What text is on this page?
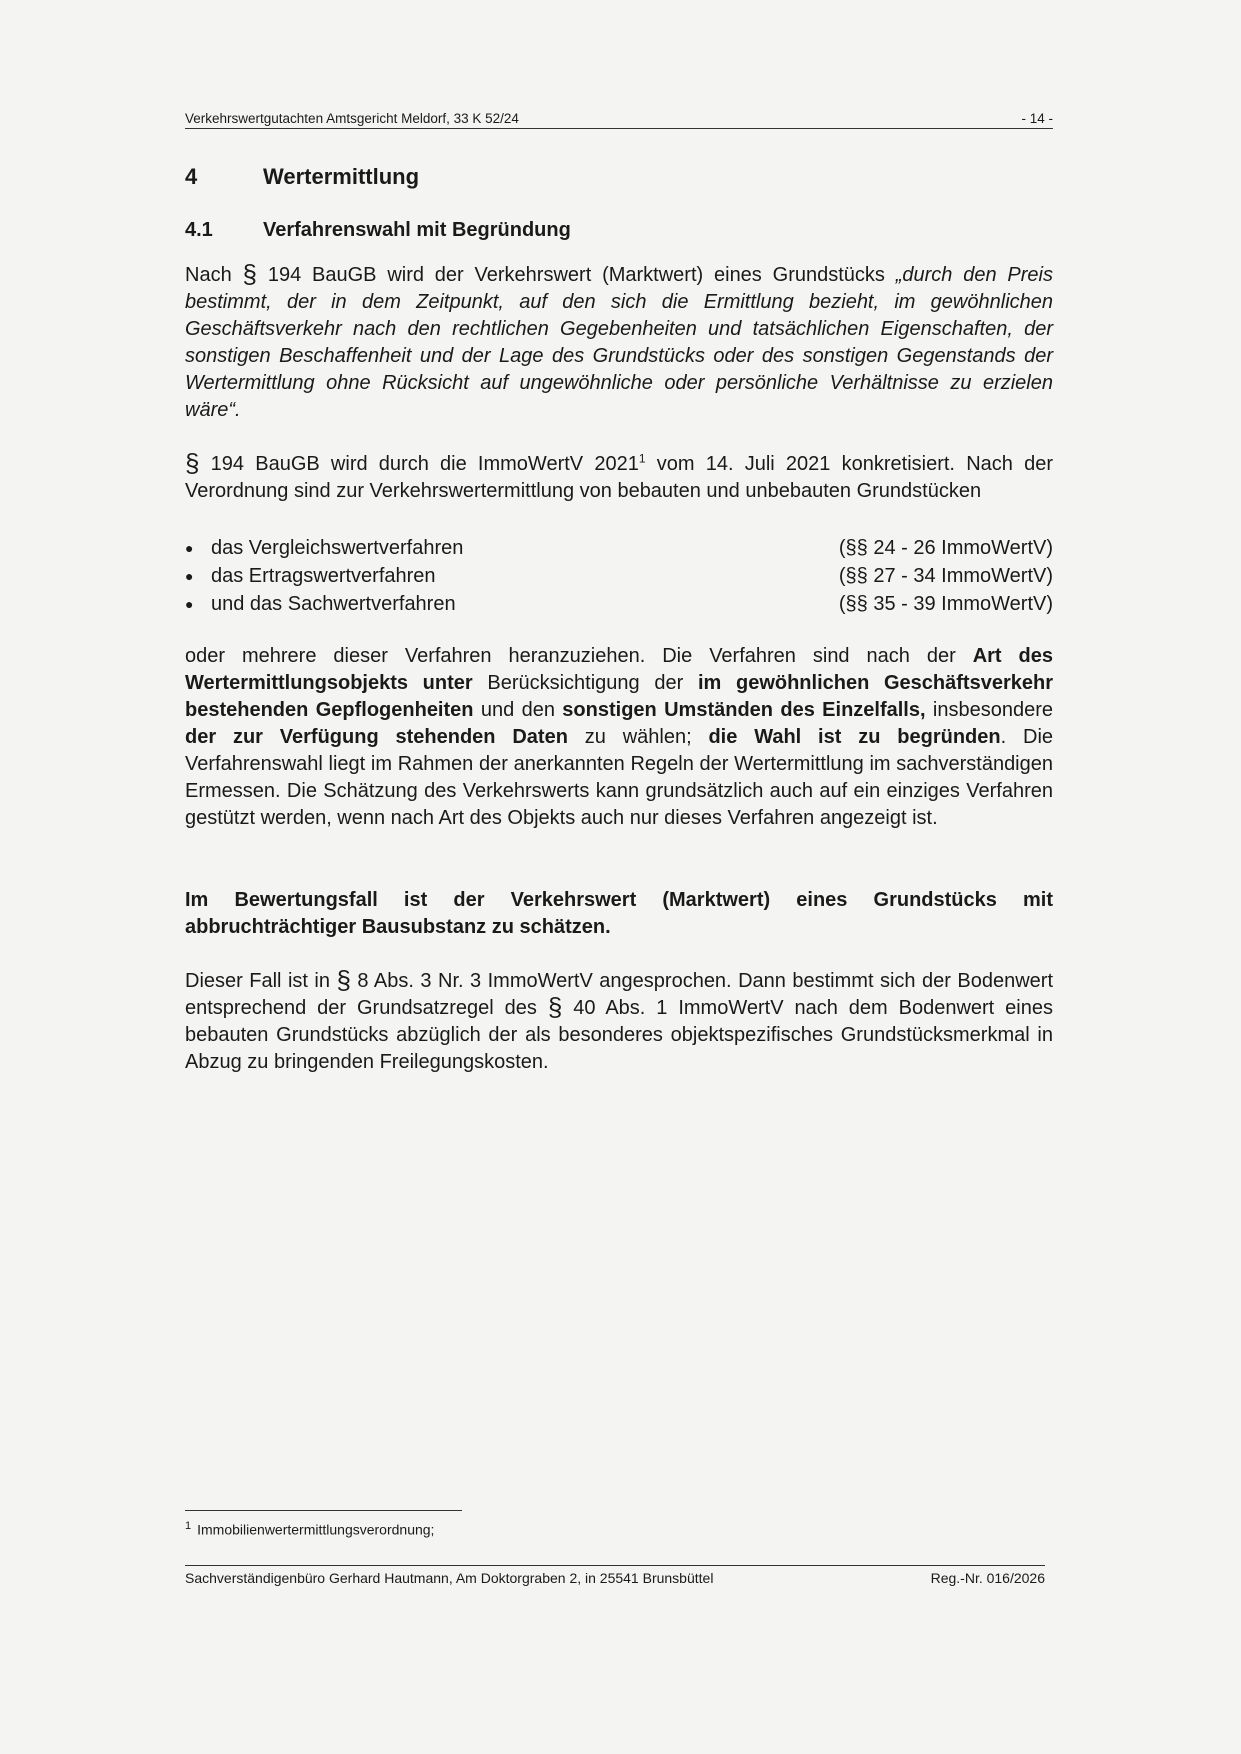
Verkehrswertgutachten Amtsgericht Meldorf, 33 K 52/24	- 14 -
4	Wertermittlung
4.1	Verfahrenswahl mit Begründung
Nach § 194 BauGB wird der Verkehrswert (Marktwert) eines Grundstücks „durch den Preis bestimmt, der in dem Zeitpunkt, auf den sich die Ermittlung bezieht, im gewöhnlichen Geschäftsverkehr nach den rechtlichen Gegebenheiten und tatsächlichen Eigenschaften, der sonstigen Beschaffenheit und der Lage des Grundstücks oder des sonstigen Gegenstands der Wertermittlung ohne Rücksicht auf ungewöhnliche oder persönliche Verhältnisse zu erzielen wäre“.
§ 194 BauGB wird durch die ImmoWertV 2021$^1$ vom 14. Juli 2021 konkretisiert. Nach der Verordnung sind zur Verkehrswertermittlung von bebauten und unbebauten Grundstücken
● das Vergleichswertverfahren	(§§ 24 - 26 ImmoWertV)
● das Ertragswertverfahren	(§§ 27 - 34 ImmoWertV)
● und das Sachwertverfahren	(§§ 35 - 39 ImmoWertV)
oder mehrere dieser Verfahren heranzuziehen. Die Verfahren sind nach der Art des Wertermittlungsobjekts unter Berücksichtigung der im gewöhnlichen Geschäftsverkehr bestehenden Gepflogenheiten und den sonstigen Umständen des Einzelfalls, insbesondere der zur Verfügung stehenden Daten zu wählen; die Wahl ist zu begründen. Die Verfahrenswahl liegt im Rahmen der anerkannten Regeln der Wertermittlung im sachverständigen Ermessen. Die Schätzung des Verkehrswerts kann grundsätzlich auch auf ein einziges Verfahren gestützt werden, wenn nach Art des Objekts auch nur dieses Verfahren angezeigt ist.
Im Bewertungsfall ist der Verkehrswert (Marktwert) eines Grundstücks mit abbruchträchtiger Bausubstanz zu schätzen.
Dieser Fall ist in § 8 Abs. 3 Nr. 3 ImmoWertV angesprochen. Dann bestimmt sich der Bodenwert entsprechend der Grundsatzregel des § 40 Abs. 1 ImmoWertV nach dem Bodenwert eines bebauten Grundstücks abzüglich der als besonderes objektspezifisches Grundstücksmerkmal in Abzug zu bringenden Freilegungskosten.
$^1$ Immobilienwertermittlungsverordnung;
Sachverständigenbüro Gerhard Hautmann, Am Doktorgraben 2, in 25541 Brunsbüttel	Reg.-Nr. 016/2026
